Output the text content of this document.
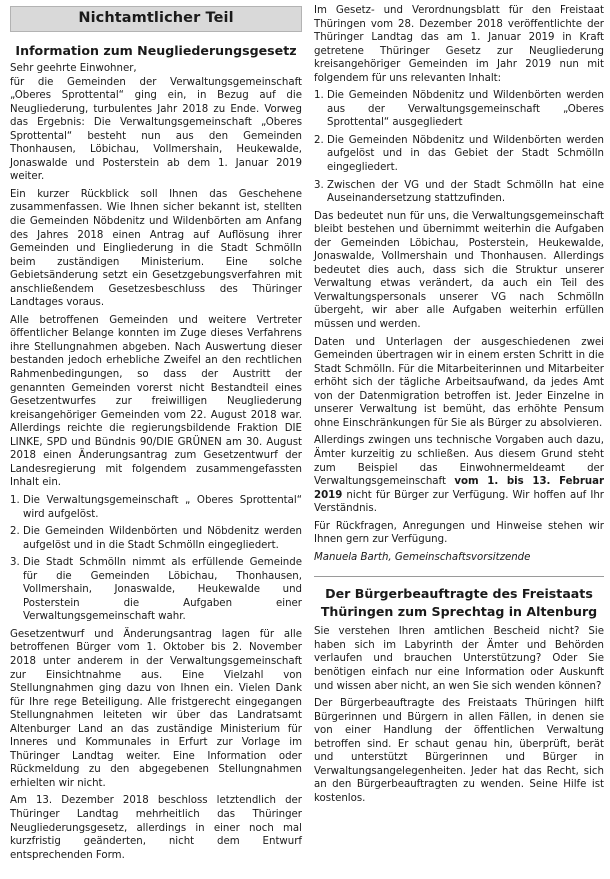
Nichtamtlicher Teil
Information zum Neugliederungsgesetz

Sehr geehrte Einwohner,

für die Gemeinden der Verwaltungsgemeinschaft „Oberes Sprottental“ ging ein, in Bezug auf die Neugliederung, turbulentes Jahr 2018 zu Ende. Vorweg das Ergebnis: Die Verwaltungsgemeinschaft „Oberes Sprottental“ besteht nun aus den Gemeinden Thonhausen, Löbichau, Vollmershain, Heukewalde, Jonaswalde und Posterstein ab dem 1. Januar 2019 weiter.

Ein kurzer Rückblick soll Ihnen das Geschehene zusammenfassen. Wie Ihnen sicher bekannt ist, stellten die Gemeinden Nöbdenitz und Wildenbörten am Anfang des Jahres 2018 einen Antrag auf Auflösung ihrer Gemeinden und Eingliederung in die Stadt Schmölln beim zuständigen Ministerium. Eine solche Gebietsänderung setzt ein Gesetzgebungsverfahren mit anschließendem Gesetzesbeschluss des Thüringer Landtages voraus.

Alle betroffenen Gemeinden und weitere Vertreter öffentlicher Belange konnten im Zuge dieses Verfahrens ihre Stellungnahmen abgeben. Nach Auswertung dieser bestanden jedoch erhebliche Zweifel an den rechtlichen Rahmenbedingungen, so dass der Austritt der genannten Gemeinden vorerst nicht Bestandteil eines Gesetzentwurfes zur freiwilligen Neugliederung kreisangehöriger Gemeinden vom 22. August 2018 war. Allerdings reichte die regierungsbildende Fraktion DIE LINKE, SPD und Bündnis 90/DIE GRÜNEN am 30. August 2018 einen Änderungsantrag zum Gesetzentwurf der Landesregierung mit folgendem zusammengefassten Inhalt ein.

1. Die Verwaltungsgemeinschaft „ Oberes Sprottental“ wird aufgelöst.
2. Die Gemeinden Wildenbörten und Nöbdenitz werden aufgelöst und in die Stadt Schmölln eingegliedert.
3. Die Stadt Schmölln nimmt als erfüllende Gemeinde für die Gemeinden Löbichau, Thonhausen, Vollmershain, Jonaswalde, Heukewalde und Posterstein die Aufgaben einer Verwaltungsgemeinschaft wahr.

Gesetzentwurf und Änderungsantrag lagen für alle betroffenen Bürger vom 1. Oktober bis 2. November 2018 unter anderem in der Verwaltungsgemeinschaft zur Einsichtnahme aus. Eine Vielzahl von Stellungnahmen ging dazu von Ihnen ein. Vielen Dank für Ihre rege Beteiligung. Alle fristgerecht eingegangen Stellungnahmen leiteten wir über das Landratsamt Altenburger Land an das zuständige Ministerium für Inneres und Kommunales in Erfurt zur Vorlage im Thüringer Landtag weiter. Eine Information oder Rückmeldung zu den abgegebenen Stellungnahmen erhielten wir nicht.

Am 13. Dezember 2018 beschloss letztendlich der Thüringer Landtag mehrheitlich das Thüringer Neugliederungsgesetz, allerdings in einer noch mal kurzfristig geänderten, nicht dem Entwurf entsprechenden Form.

Im Gesetz- und Verordnungsblatt für den Freistaat Thüringen vom 28. Dezember 2018 veröffentlichte der Thüringer Landtag das am 1. Januar 2019 in Kraft getretene Thüringer Gesetz zur Neugliederung kreisangehöriger Gemeinden im Jahr 2019 nun mit folgendem für uns relevanten Inhalt:

1. Die Gemeinden Nöbdenitz und Wildenbörten werden aus der Verwaltungsgemeinschaft „Oberes Sprottental“ ausgegliedert
2. Die Gemeinden Nöbdenitz und Wildenbörten werden aufgelöst und in das Gebiet der Stadt Schmölln eingegliedert.
3. Zwischen der VG und der Stadt Schmölln hat eine Auseinandersetzung stattzufinden.

Das bedeutet nun für uns, die Verwaltungsgemeinschaft bleibt bestehen und übernimmt weiterhin die Aufgaben der Gemeinden Löbichau, Posterstein, Heukewalde, Jonaswalde, Vollmershain und Thonhausen. Allerdings bedeutet dies auch, dass sich die Struktur unserer Verwaltung etwas verändert, da auch ein Teil des Verwaltungspersonals unserer VG nach Schmölln übergeht, wir aber alle Aufgaben weiterhin erfüllen müssen und werden.

Daten und Unterlagen der ausgeschiedenen zwei Gemeinden übertragen wir in einem ersten Schritt in die Stadt Schmölln. Für die Mitarbeiterinnen und Mitarbeiter erhöht sich der tägliche Arbeitsaufwand, da jedes Amt von der Datenmigration betroffen ist. Jeder Einzelne in unserer Verwaltung ist bemüht, das erhöhte Pensum ohne Einschränkungen für Sie als Bürger zu absolvieren.

Allerdings zwingen uns technische Vorgaben auch dazu, Ämter kurzeitig zu schließen. Aus diesem Grund steht zum Beispiel das Einwohnermeldeamt der Verwaltungsgemeinschaft vom 1. bis 13. Februar 2019 nicht für Bürger zur Verfügung. Wir hoffen auf Ihr Verständnis.

Für Rückfragen, Anregungen und Hinweise stehen wir Ihnen gern zur Verfügung.

Manuela Barth, Gemeinschaftsvorsitzende

Der Bürgerbeauftragte des Freistaats
Thüringen zum Sprechtag in Altenburg

Sie verstehen Ihren amtlichen Bescheid nicht? Sie haben sich im Labyrinth der Ämter und Behörden verlaufen und brauchen Unterstützung? Oder Sie benötigen einfach nur eine Information oder Auskunft und wissen aber nicht, an wen Sie sich wenden können?

Der Bürgerbeauftragte des Freistaats Thüringen hilft Bürgerinnen und Bürgern in allen Fällen, in denen sie von einer Handlung der öffentlichen Verwaltung betroffen sind. Er schaut genau hin, überprüft, berät und unterstützt Bürgerinnen und Bürger in Verwaltungsangelegenheiten. Jeder hat das Recht, sich an den Bürgerbeauftragten zu wenden. Seine Hilfe ist kostenlos.
